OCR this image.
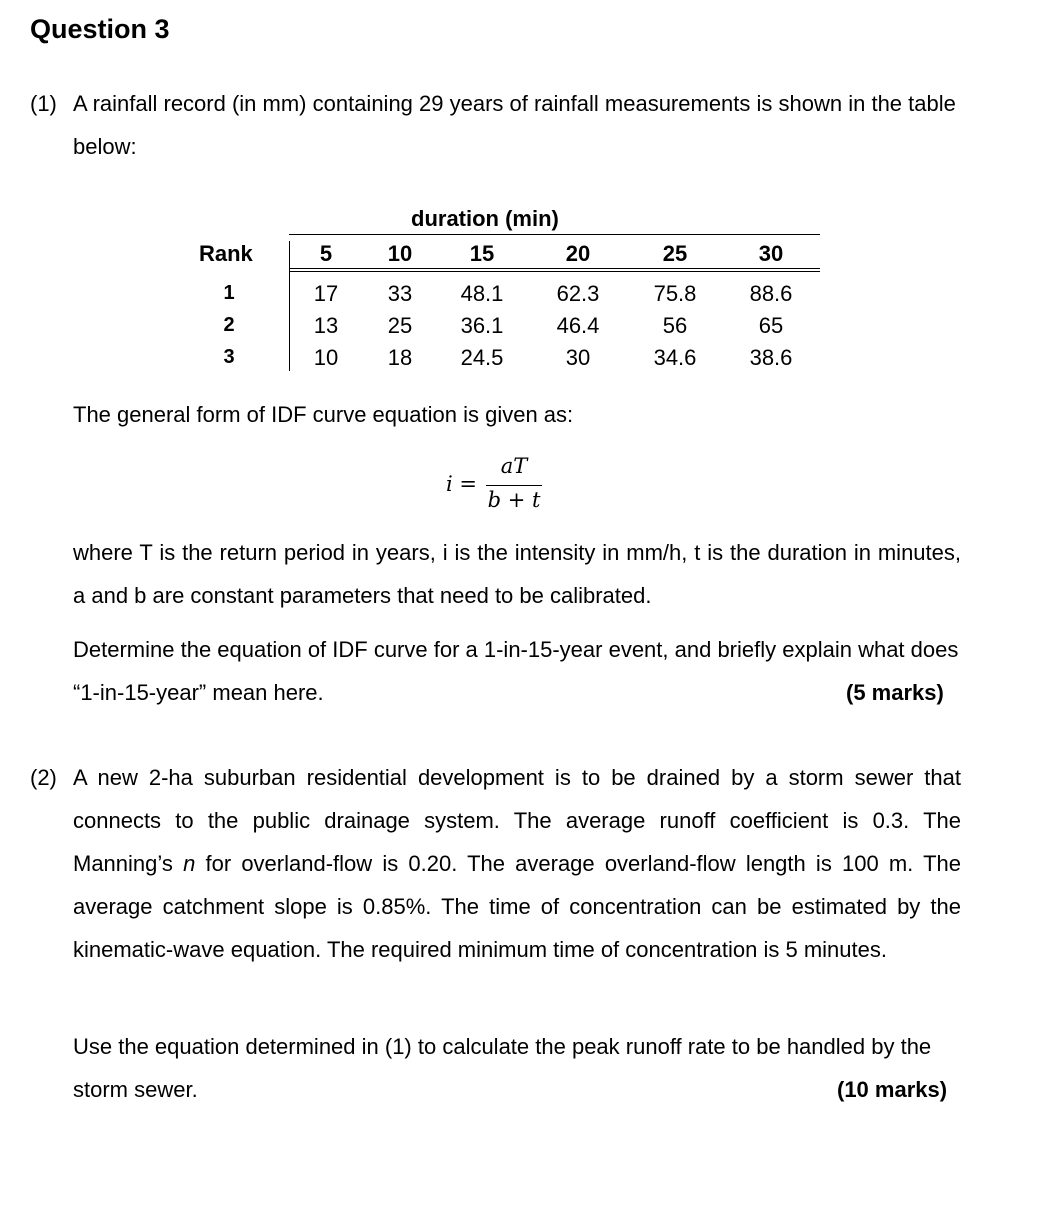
Question 3
(1) A rainfall record (in mm) containing 29 years of rainfall measurements is shown in the table below:
duration (min)
Rank	5	10	15	20	25	30
1	17	33	48.1	62.3	75.8	88.6
2	13	25	36.1	46.4	56	65
3	10	18	24.5	30	34.6	38.6
The general form of IDF curve equation is given as:
i =
aT
b + t
where T is the return period in years, i is the intensity in mm/h, t is the duration in minutes, a and b are constant parameters that need to be calibrated.
Determine the equation of IDF curve for a 1-in-15-year event, and briefly explain what does “1-in-15-year” mean here.	(5 marks)
(2) A new 2-ha suburban residential development is to be drained by a storm sewer that connects to the public drainage system. The average runoff coefficient is 0.3. The Manning’s n for overland-flow is 0.20. The average overland-flow length is 100 m. The average catchment slope is 0.85%. The time of concentration can be estimated by the kinematic-wave equation. The required minimum time of concentration is 5 minutes.
Use the equation determined in (1) to calculate the peak runoff rate to be handled by the storm sewer.	(10 marks)
